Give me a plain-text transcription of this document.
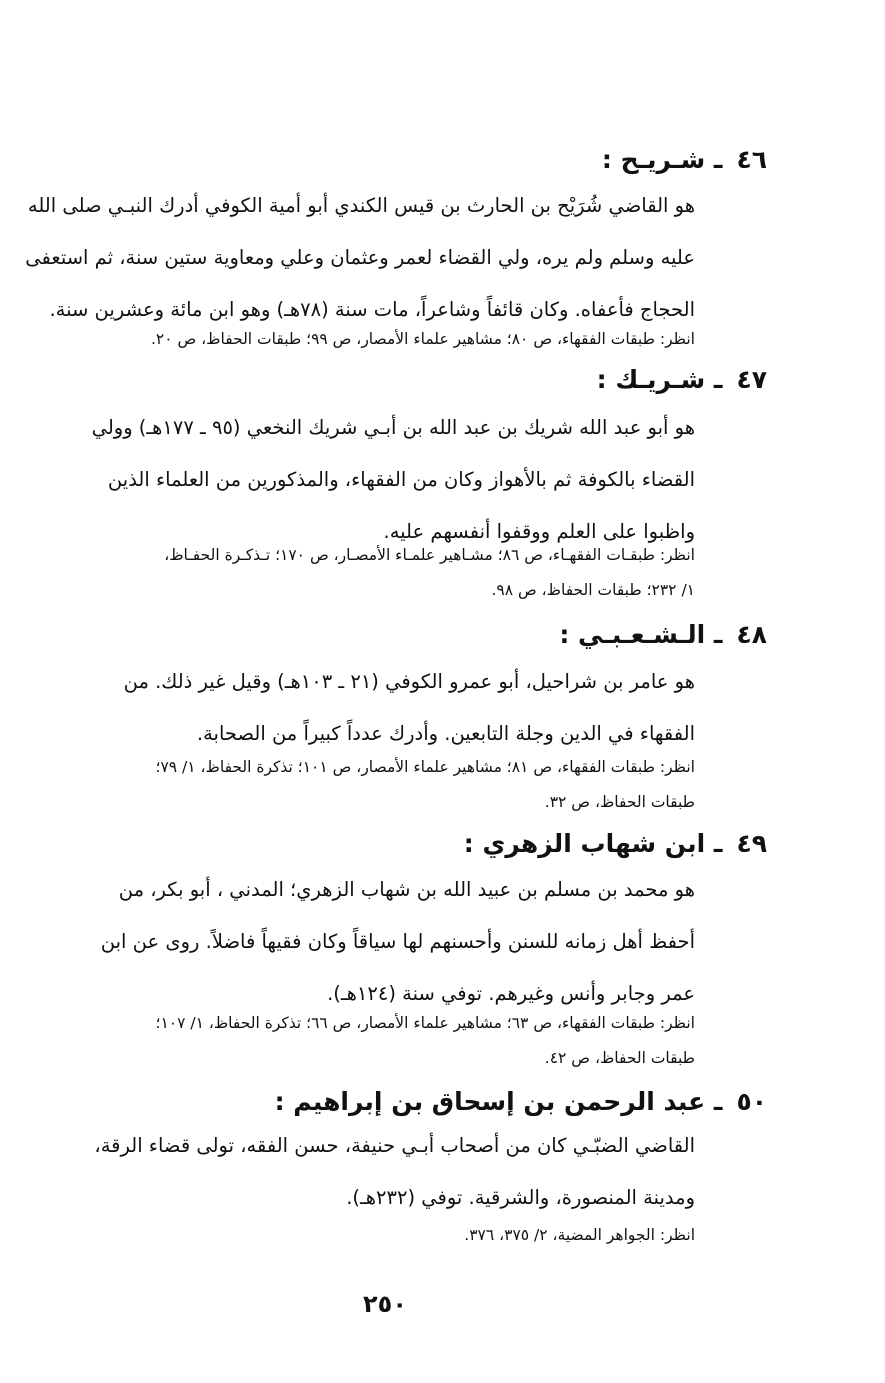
٤٦ـ شـريـح :
هو القاضي شُرَيْح بن الحارث بن قيس الكندي أبو أمية الكوفي أدرك النبـي صلى الله
عليه وسلم ولم يره، ولي القضاء لعمر وعثمان وعلي ومعاوية ستين سنة، ثم استعفى
الحجاج فأعفاه. وكان قائفاً وشاعراً، مات سنة (٧٨هـ) وهو ابن مائة وعشرين سنة.
انظر: طبقات الفقهاء، ص ٨٠؛ مشاهير علماء الأمصار، ص ٩٩؛ طبقات الحفاظ، ص ٢٠.
٤٧ـ شـريـك :
هو أبو عبد الله شريك بن عبد الله بن أبـي شريك النخعي (٩٥ ـ ١٧٧هـ) وولي
القضاء بالكوفة ثم بالأهواز وكان من الفقهاء، والمذكورين من العلماء الذين
واظبوا على العلم ووقفوا أنفسهم عليه.
انظر: طبقـات الفقهـاء، ص ٨٦؛ مشـاهير علمـاء الأمصـار، ص ١٧٠؛ تـذكـرة الحفـاظ،
١/ ٢٣٢؛ طبقات الحفاظ، ص ٩٨.
٤٨ـ الـشـعـبـي :
هو عامر بن شراحيل، أبو عمرو الكوفي (٢١ ـ ١٠٣هـ) وقيل غير ذلك. من
الفقهاء في الدين وجلة التابعين. وأدرك عدداً كبيراً من الصحابة.
انظر: طبقات الفقهاء، ص ٨١؛ مشاهير علماء الأمصار، ص ١٠١؛ تذكرة الحفاظ، ١/ ٧٩؛
طبقات الحفاظ، ص ٣٢.
٤٩ـ ابن شهاب الزهري :
هو محمد بن مسلم بن عبيد الله بن شهاب الزهري؛ المدني ، أبو بكر، من
أحفظ أهل زمانه للسنن وأحسنهم لها سياقاً وكان فقيهاً فاضلاً. روى عن ابن
عمر وجابر وأنس وغيرهم. توفي سنة (١٢٤هـ).
انظر: طبقات الفقهاء، ص ٦٣؛ مشاهير علماء الأمصار، ص ٦٦؛ تذكرة الحفاظ، ١/ ١٠٧؛
طبقات الحفاظ، ص ٤٢.
٥٠ـ عبد الرحمن بن إسحاق بن إبراهيم :
القاضي الضبّـي كان من أصحاب أبـي حنيفة، حسن الفقه، تولى قضاء الرقة،
ومدينة المنصورة، والشرقية. توفي (٢٣٢هـ).
انظر: الجواهر المضية، ٢/ ٣٧٥، ٣٧٦.
٢٥٠
